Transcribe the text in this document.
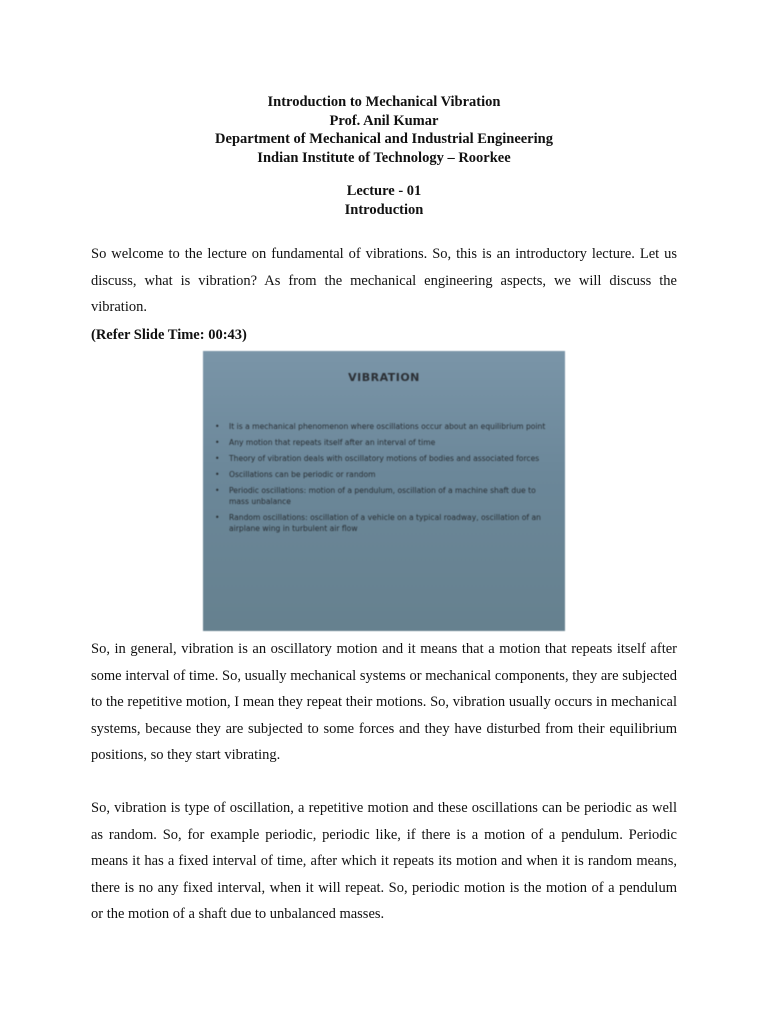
Introduction to Mechanical Vibration
Prof. Anil Kumar
Department of Mechanical and Industrial Engineering
Indian Institute of Technology – Roorkee
Lecture - 01
Introduction
So welcome to the lecture on fundamental of vibrations. So, this is an introductory lecture. Let us discuss, what is vibration? As from the mechanical engineering aspects, we will discuss the vibration.
(Refer Slide Time: 00:43)
VIBRATION
• It is a mechanical phenomenon where oscillations occur about an equilibrium point
• Any motion that repeats itself after an interval of time
• Theory of vibration deals with oscillatory motions of bodies and associated forces
• Oscillations can be periodic or random
• Periodic oscillations: motion of a pendulum, oscillation of a machine shaft due to mass unbalance
• Random oscillations: oscillation of a vehicle on a typical roadway, oscillation of an airplane wing in turbulent air flow
So, in general, vibration is an oscillatory motion and it means that a motion that repeats itself after some interval of time. So, usually mechanical systems or mechanical components, they are subjected to the repetitive motion, I mean they repeat their motions. So, vibration usually occurs in mechanical systems, because they are subjected to some forces and they have disturbed from their equilibrium positions, so they start vibrating.
So, vibration is type of oscillation, a repetitive motion and these oscillations can be periodic as well as random. So, for example periodic, periodic like, if there is a motion of a pendulum. Periodic means it has a fixed interval of time, after which it repeats its motion and when it is random means, there is no any fixed interval, when it will repeat. So, periodic motion is the motion of a pendulum or the motion of a shaft due to unbalanced masses.
